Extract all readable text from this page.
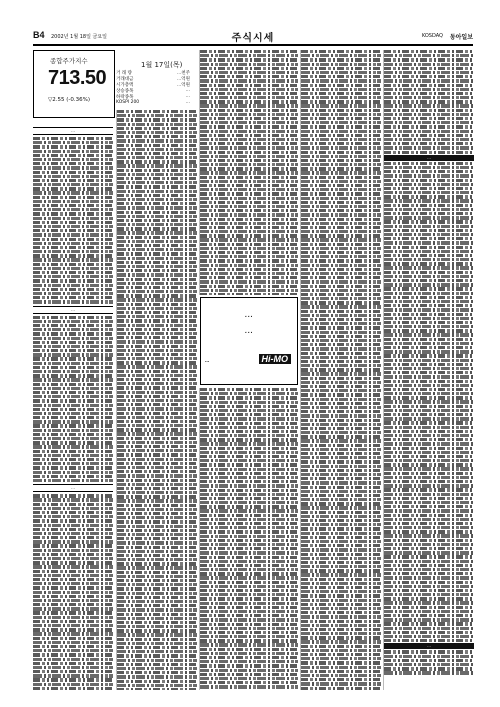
B4 2002년 1월 18일 금요일	주식시세	KOSDAQ 동아일보
종합주가지수
713.50
▽2.55 (-0.36%)
1월 17일(목)
거 래 량	...천주
거래대금	...억원
시가총액	...억원
상승종목	...
하락종목	...
KOSPI 200	...
...
...
...
...
...
...
...
...	Hi-MO
